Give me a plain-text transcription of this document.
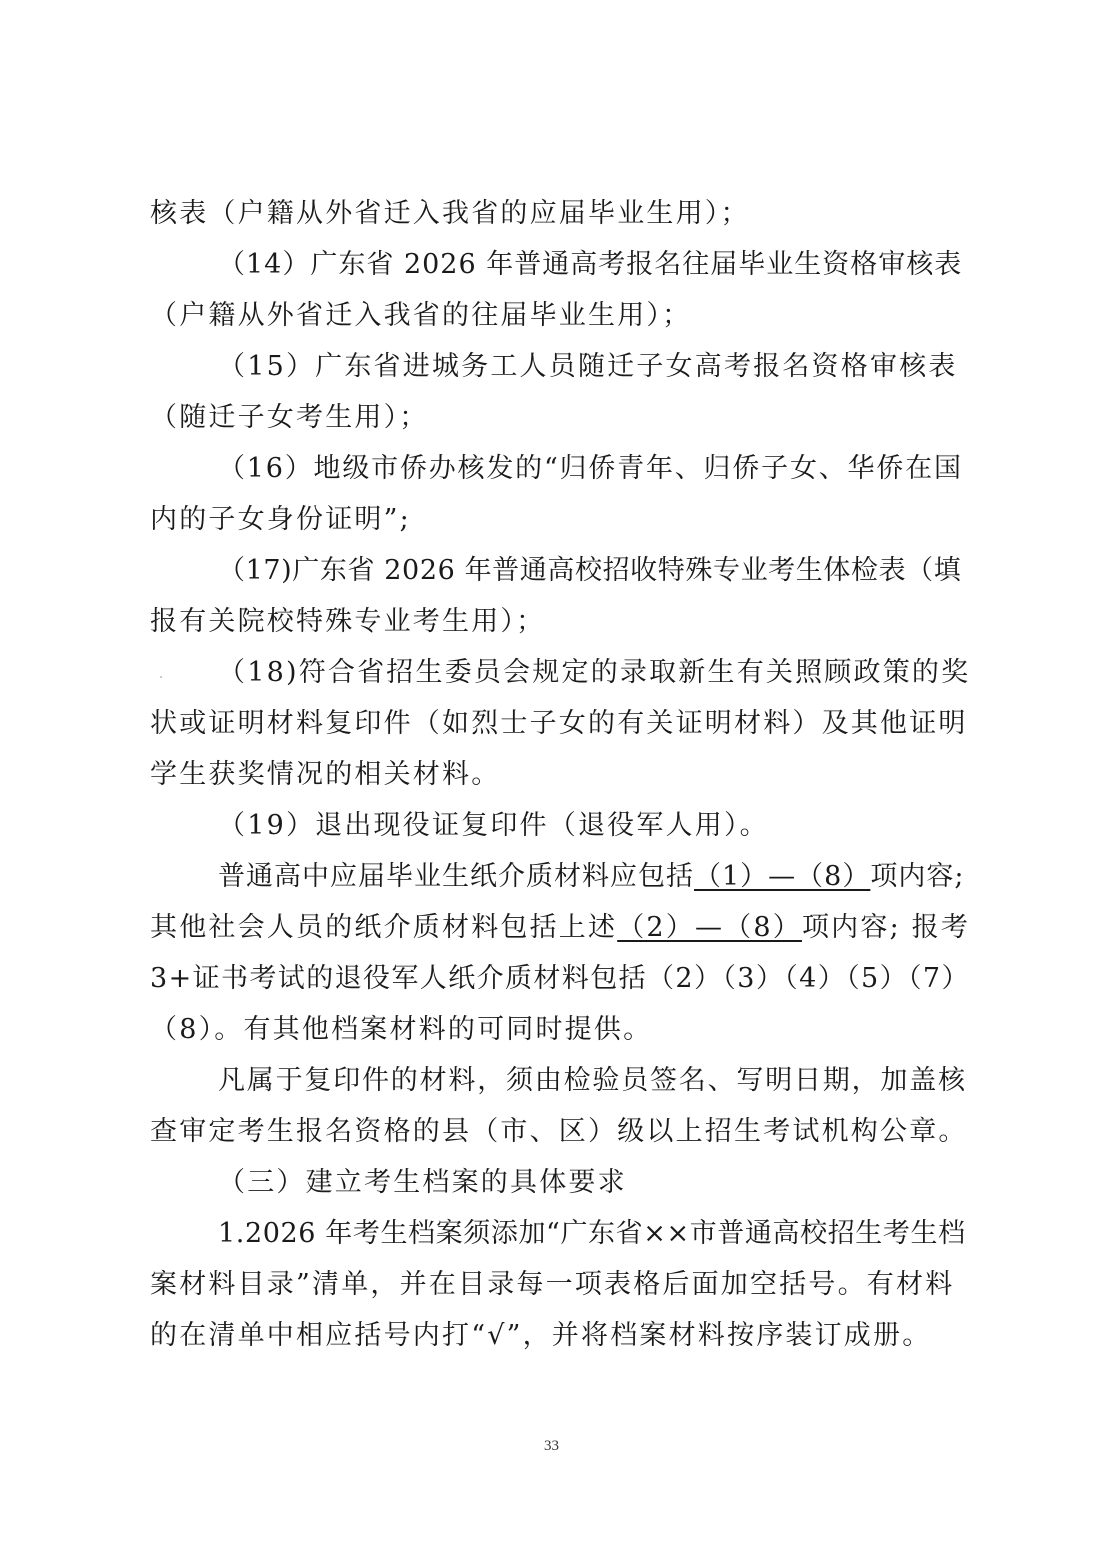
核表（户籍从外省迁入我省的应届毕业生用）；
（14）广东省 2026 年普通高考报名往届毕业生资格审核表
（户籍从外省迁入我省的往届毕业生用）；
（15）广东省进城务工人员随迁子女高考报名资格审核表
（随迁子女考生用）；
（16）地级市侨办核发的“归侨青年、归侨子女、华侨在国
内的子女身份证明”;
（17)广东省 2026 年普通高校招收特殊专业考生体检表（填
报有关院校特殊专业考生用）；
（18)符合省招生委员会规定的录取新生有关照顾政策的奖
状或证明材料复印件（如烈士子女的有关证明材料）及其他证明
学生获奖情况的相关材料。
（19）退出现役证复印件（退役军人用）。
普通高中应届毕业生纸介质材料应包括（1）—（8）项内容;
其他社会人员的纸介质材料包括上述（2）—（8）项内容; 报考
3+证书考试的退役军人纸介质材料包括（2）（3）（4）（5）（7）
（8）。有其他档案材料的可同时提供。
凡属于复印件的材料，须由检验员签名、写明日期，加盖核
查审定考生报名资格的县（市、区）级以上招生考试机构公章。
（三）建立考生档案的具体要求
1.2026 年考生档案须添加“广东省××市普通高校招生考生档
案材料目录”清单，并在目录每一项表格后面加空括号。有材料
的在清单中相应括号内打“√”，并将档案材料按序装订成册。
33
